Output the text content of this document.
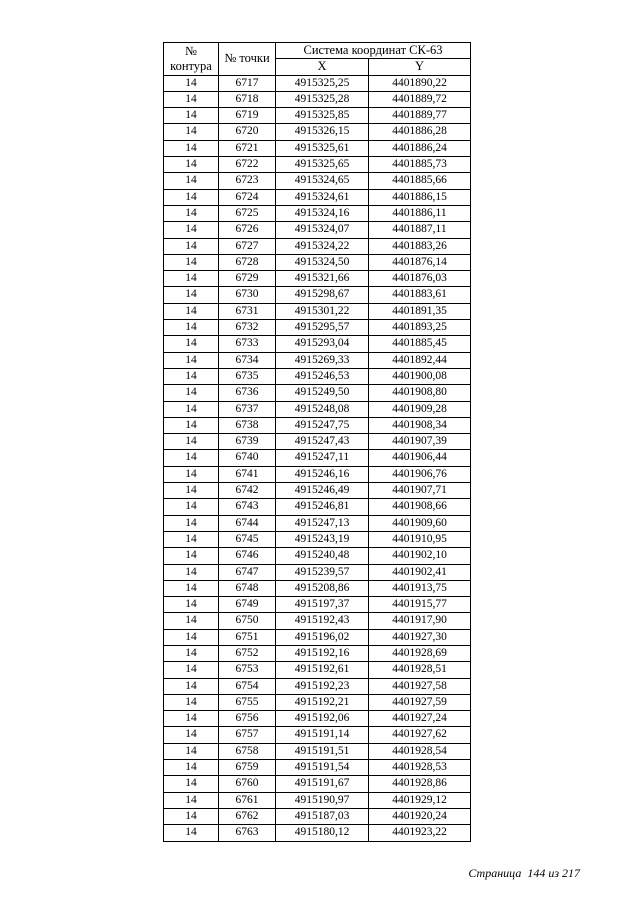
№
контура	№ точки	Система координат СК-63	
		X	Y
14	6717	4915325,25	4401890,22
14	6718	4915325,28	4401889,72
14	6719	4915325,85	4401889,77
14	6720	4915326,15	4401886,28
14	6721	4915325,61	4401886,24
14	6722	4915325,65	4401885,73
14	6723	4915324,65	4401885,66
14	6724	4915324,61	4401886,15
14	6725	4915324,16	4401886,11
14	6726	4915324,07	4401887,11
14	6727	4915324,22	4401883,26
14	6728	4915324,50	4401876,14
14	6729	4915321,66	4401876,03
14	6730	4915298,67	4401883,61
14	6731	4915301,22	4401891,35
14	6732	4915295,57	4401893,25
14	6733	4915293,04	4401885,45
14	6734	4915269,33	4401892,44
14	6735	4915246,53	4401900,08
14	6736	4915249,50	4401908,80
14	6737	4915248,08	4401909,28
14	6738	4915247,75	4401908,34
14	6739	4915247,43	4401907,39
14	6740	4915247,11	4401906,44
14	6741	4915246,16	4401906,76
14	6742	4915246,49	4401907,71
14	6743	4915246,81	4401908,66
14	6744	4915247,13	4401909,60
14	6745	4915243,19	4401910,95
14	6746	4915240,48	4401902,10
14	6747	4915239,57	4401902,41
14	6748	4915208,86	4401913,75
14	6749	4915197,37	4401915,77
14	6750	4915192,43	4401917,90
14	6751	4915196,02	4401927,30
14	6752	4915192,16	4401928,69
14	6753	4915192,61	4401928,51
14	6754	4915192,23	4401927,58
14	6755	4915192,21	4401927,59
14	6756	4915192,06	4401927,24
14	6757	4915191,14	4401927,62
14	6758	4915191,51	4401928,54
14	6759	4915191,54	4401928,53
14	6760	4915191,67	4401928,86
14	6761	4915190,97	4401929,12
14	6762	4915187,03	4401920,24
14	6763	4915180,12	4401923,22
Страница  144 из 217
